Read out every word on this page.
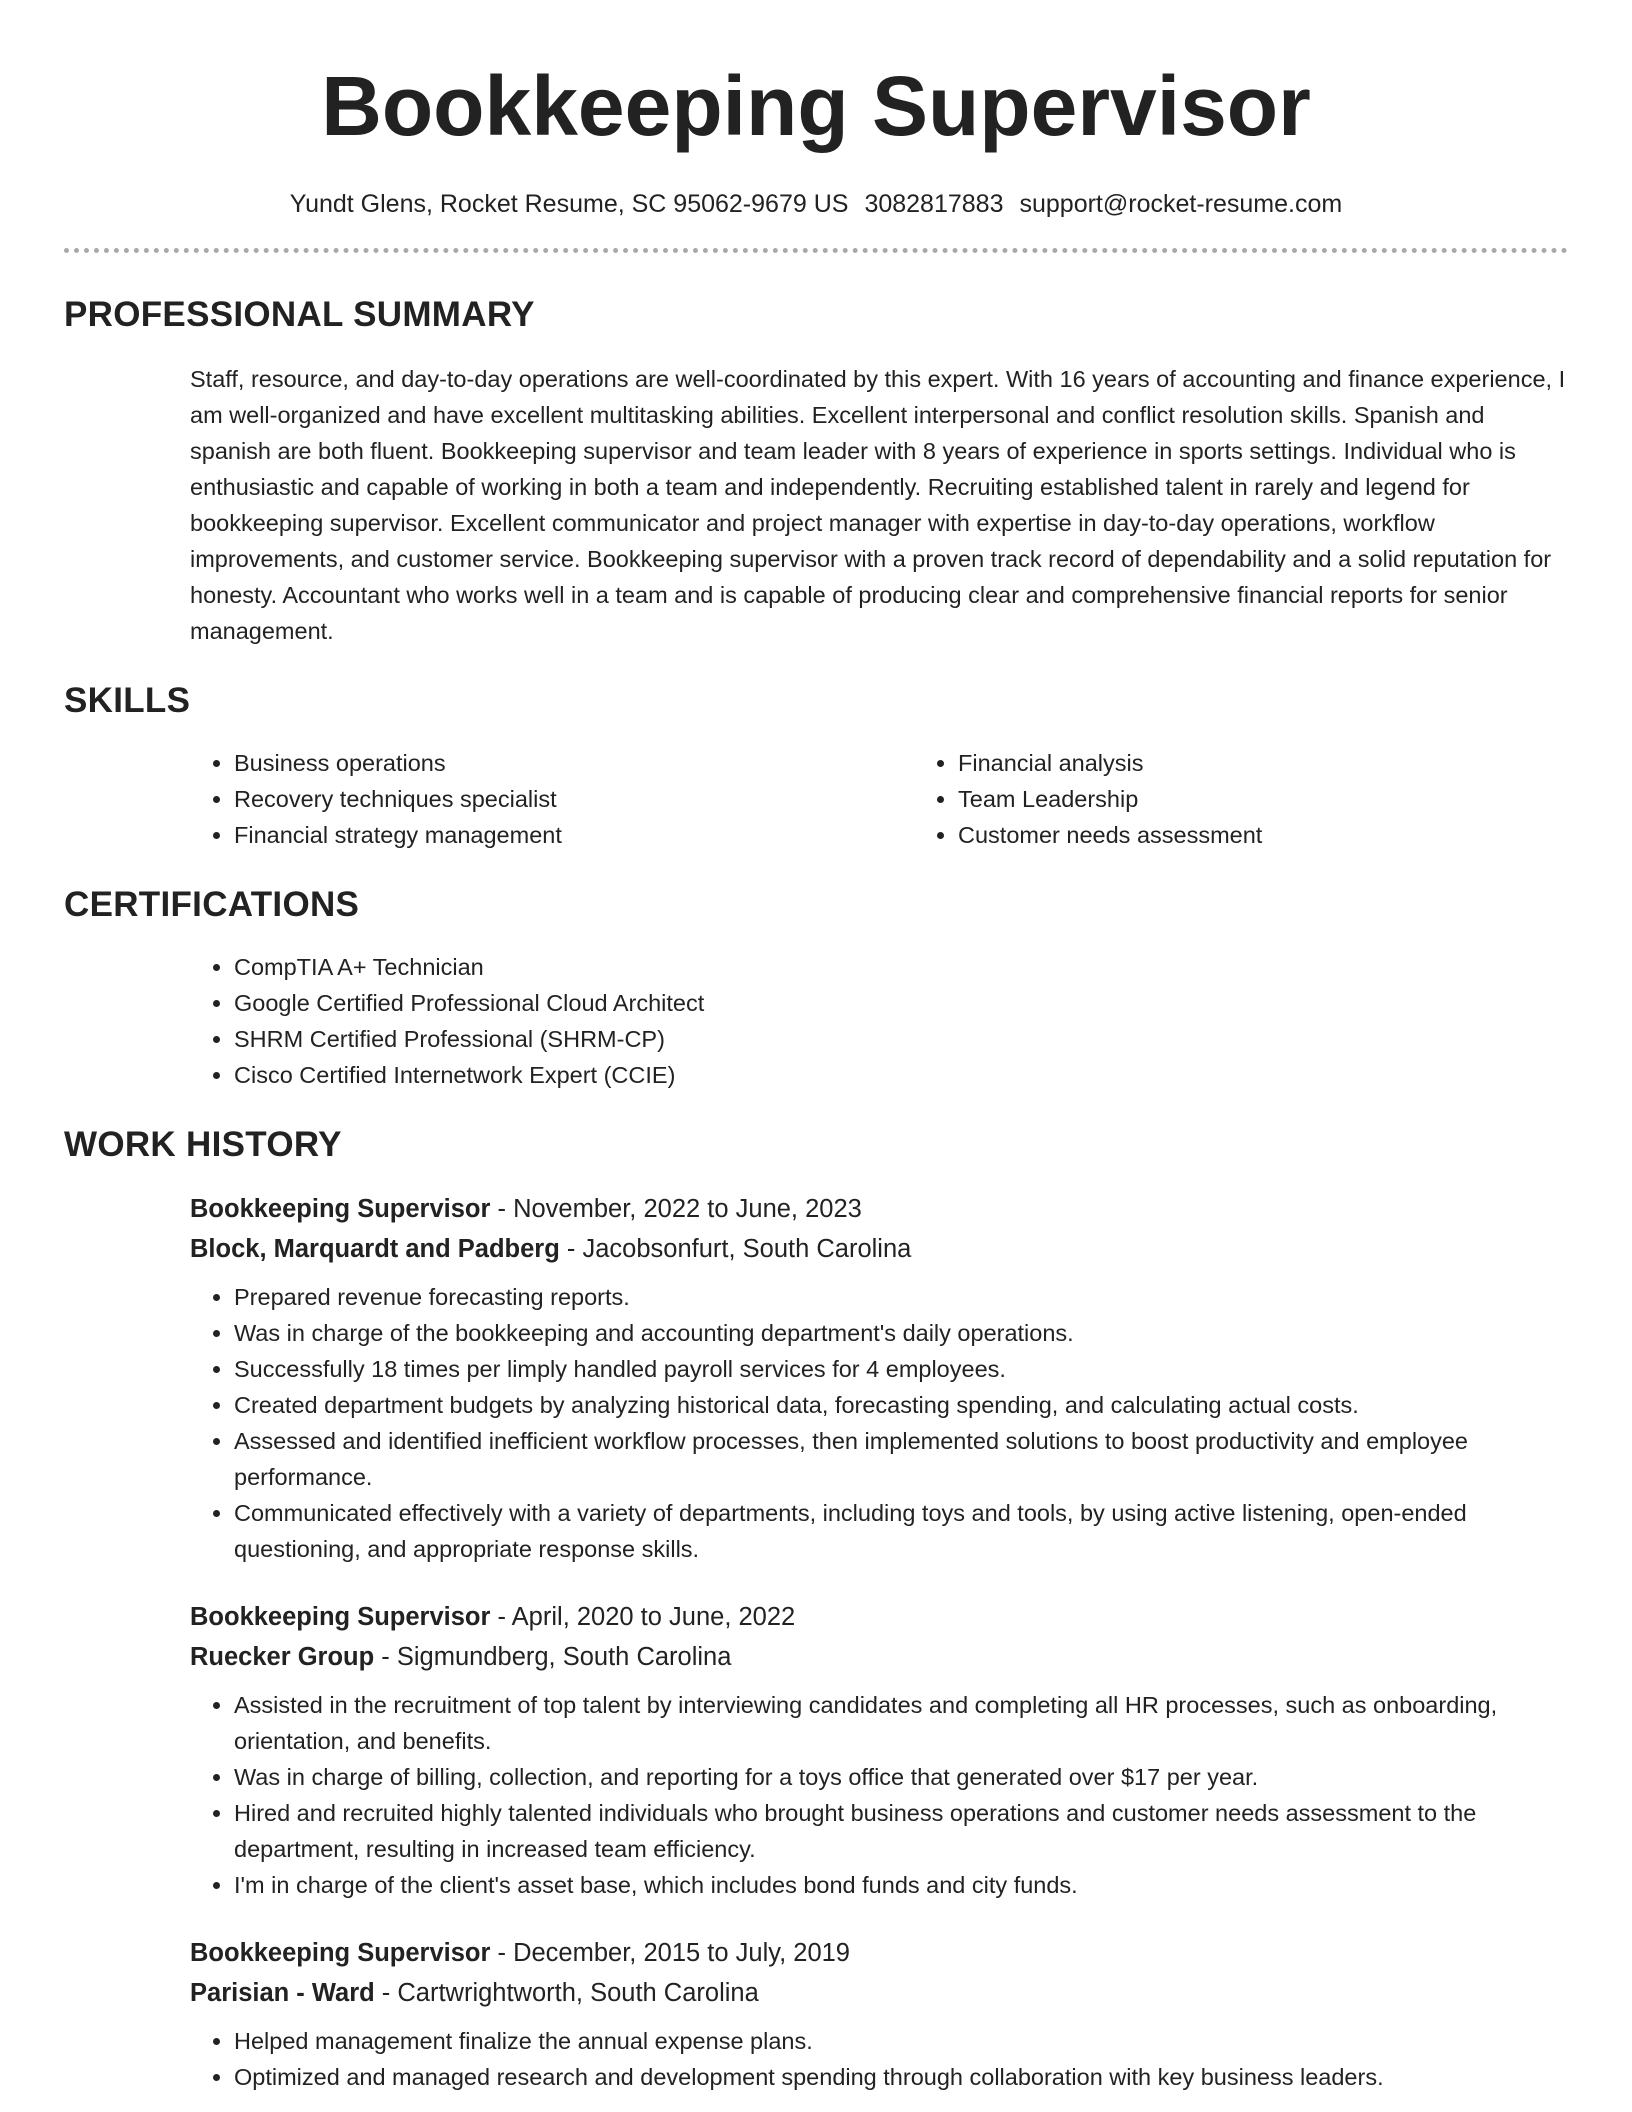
Bookkeeping Supervisor
Yundt Glens, Rocket Resume, SC 95062-9679 US 3082817883 support@rocket-resume.com
PROFESSIONAL SUMMARY
Staff, resource, and day-to-day operations are well-coordinated by this expert. With 16 years of accounting and finance experience, I am well-organized and have excellent multitasking abilities. Excellent interpersonal and conflict resolution skills. Spanish and spanish are both fluent. Bookkeeping supervisor and team leader with 8 years of experience in sports settings. Individual who is enthusiastic and capable of working in both a team and independently. Recruiting established talent in rarely and legend for bookkeeping supervisor. Excellent communicator and project manager with expertise in day-to-day operations, workflow improvements, and customer service. Bookkeeping supervisor with a proven track record of dependability and a solid reputation for honesty. Accountant who works well in a team and is capable of producing clear and comprehensive financial reports for senior management.
SKILLS
• Business operations
• Recovery techniques specialist
• Financial strategy management
• Financial analysis
• Team Leadership
• Customer needs assessment
CERTIFICATIONS
• CompTIA A+ Technician
• Google Certified Professional Cloud Architect
• SHRM Certified Professional (SHRM-CP)
• Cisco Certified Internetwork Expert (CCIE)
WORK HISTORY
Bookkeeping Supervisor - November, 2022 to June, 2023
Block, Marquardt and Padberg - Jacobsonfurt, South Carolina
• Prepared revenue forecasting reports.
• Was in charge of the bookkeeping and accounting department's daily operations.
• Successfully 18 times per limply handled payroll services for 4 employees.
• Created department budgets by analyzing historical data, forecasting spending, and calculating actual costs.
• Assessed and identified inefficient workflow processes, then implemented solutions to boost productivity and employee performance.
• Communicated effectively with a variety of departments, including toys and tools, by using active listening, open-ended questioning, and appropriate response skills.
Bookkeeping Supervisor - April, 2020 to June, 2022
Ruecker Group - Sigmundberg, South Carolina
• Assisted in the recruitment of top talent by interviewing candidates and completing all HR processes, such as onboarding, orientation, and benefits.
• Was in charge of billing, collection, and reporting for a toys office that generated over $17 per year.
• Hired and recruited highly talented individuals who brought business operations and customer needs assessment to the department, resulting in increased team efficiency.
• I'm in charge of the client's asset base, which includes bond funds and city funds.
Bookkeeping Supervisor - December, 2015 to July, 2019
Parisian - Ward - Cartwrightworth, South Carolina
• Helped management finalize the annual expense plans.
• Optimized and managed research and development spending through collaboration with key business leaders.
